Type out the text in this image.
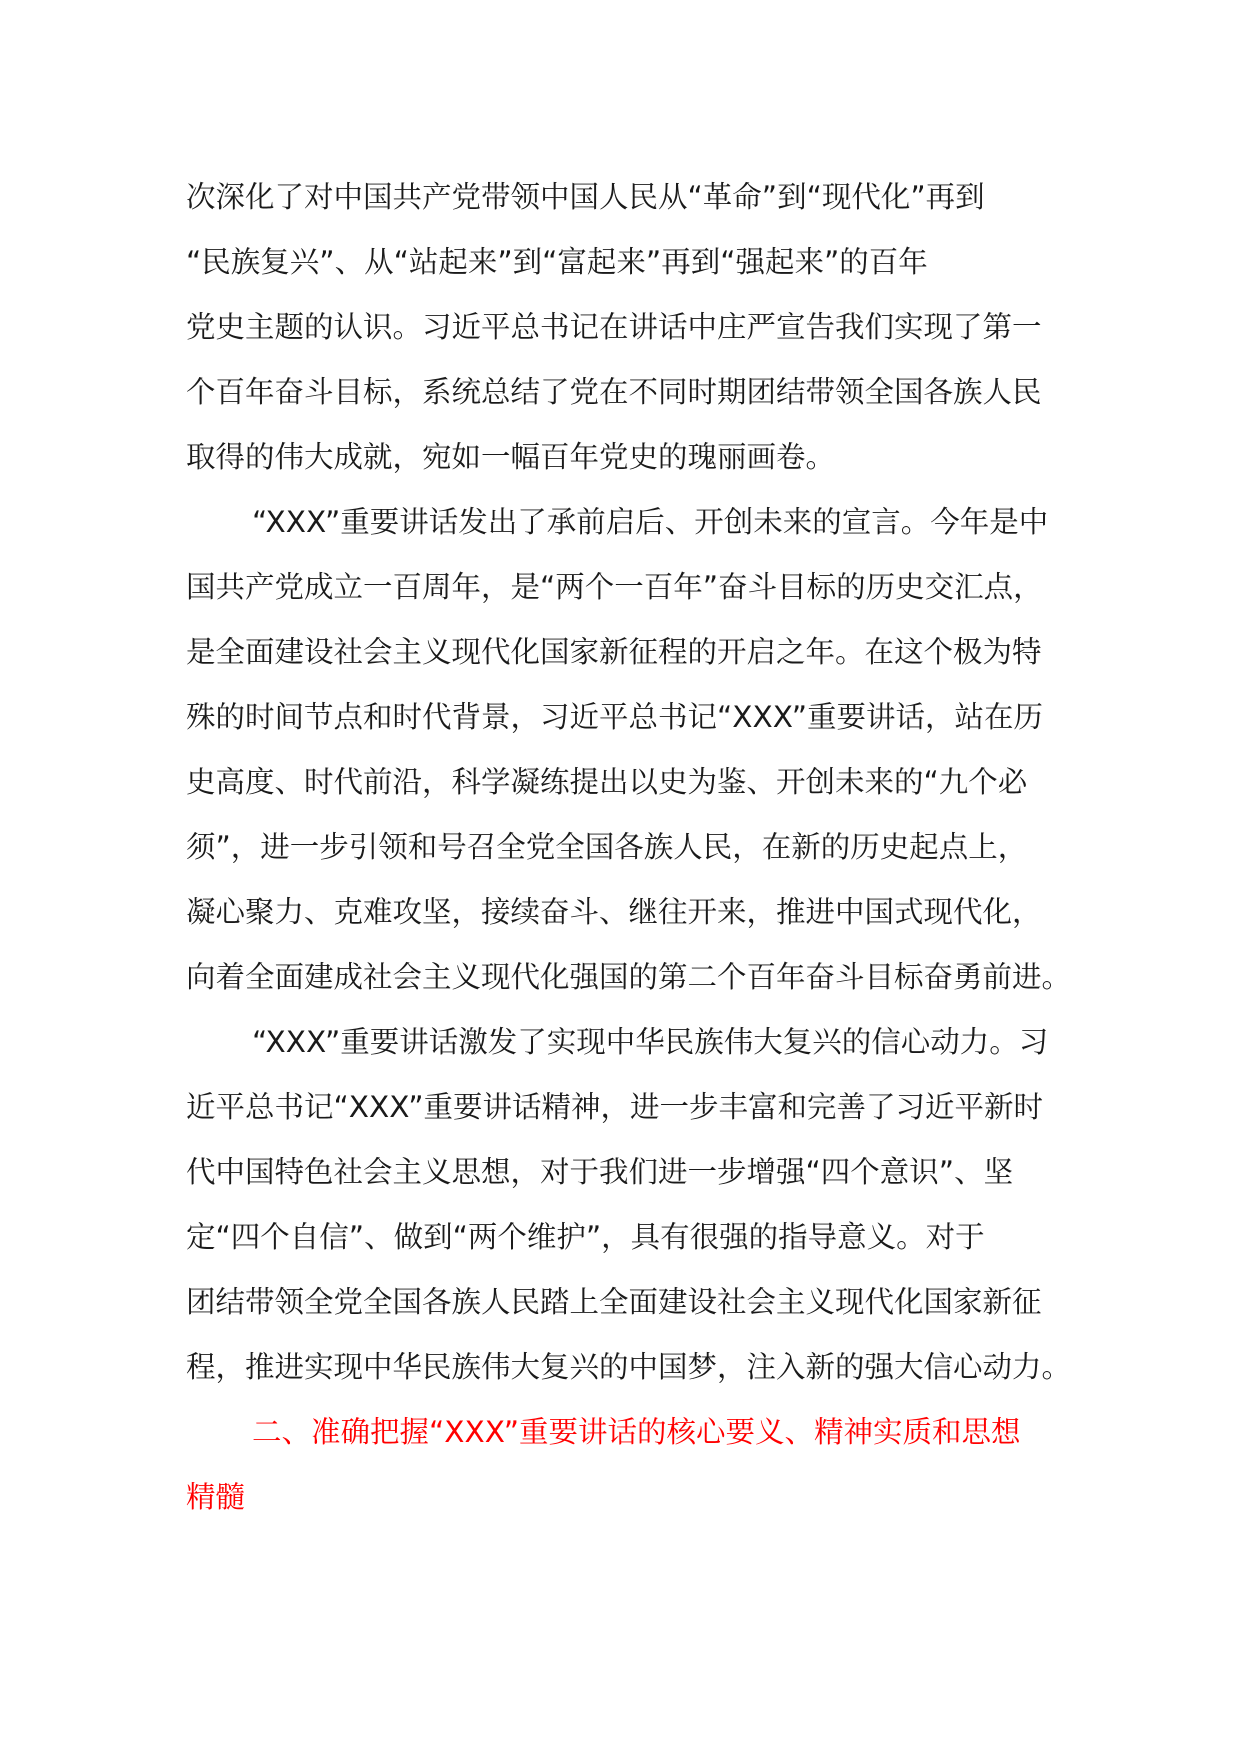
次深化了对中国共产党带领中国人民从“革命”到“现代化”再到
“民族复兴”、从“站起来”到“富起来”再到“强起来”的百年
党史主题的认识。习近平总书记在讲话中庄严宣告我们实现了第一
个百年奋斗目标，系统总结了党在不同时期团结带领全国各族人民
取得的伟大成就，宛如一幅百年党史的瑰丽画卷。
“XXX”重要讲话发出了承前启后、开创未来的宣言。今年是中
国共产党成立一百周年，是“两个一百年”奋斗目标的历史交汇点，
是全面建设社会主义现代化国家新征程的开启之年。在这个极为特
殊的时间节点和时代背景，习近平总书记“XXX”重要讲话，站在历
史高度、时代前沿，科学凝练提出以史为鉴、开创未来的“九个必
须”，进一步引领和号召全党全国各族人民，在新的历史起点上，
凝心聚力、克难攻坚，接续奋斗、继往开来，推进中国式现代化，
向着全面建成社会主义现代化强国的第二个百年奋斗目标奋勇前进。
“XXX”重要讲话激发了实现中华民族伟大复兴的信心动力。习
近平总书记“XXX”重要讲话精神，进一步丰富和完善了习近平新时
代中国特色社会主义思想，对于我们进一步增强“四个意识”、坚
定“四个自信”、做到“两个维护”，具有很强的指导意义。对于
团结带领全党全国各族人民踏上全面建设社会主义现代化国家新征
程，推进实现中华民族伟大复兴的中国梦，注入新的强大信心动力。
二、准确把握“XXX”重要讲话的核心要义、精神实质和思想
精髓
